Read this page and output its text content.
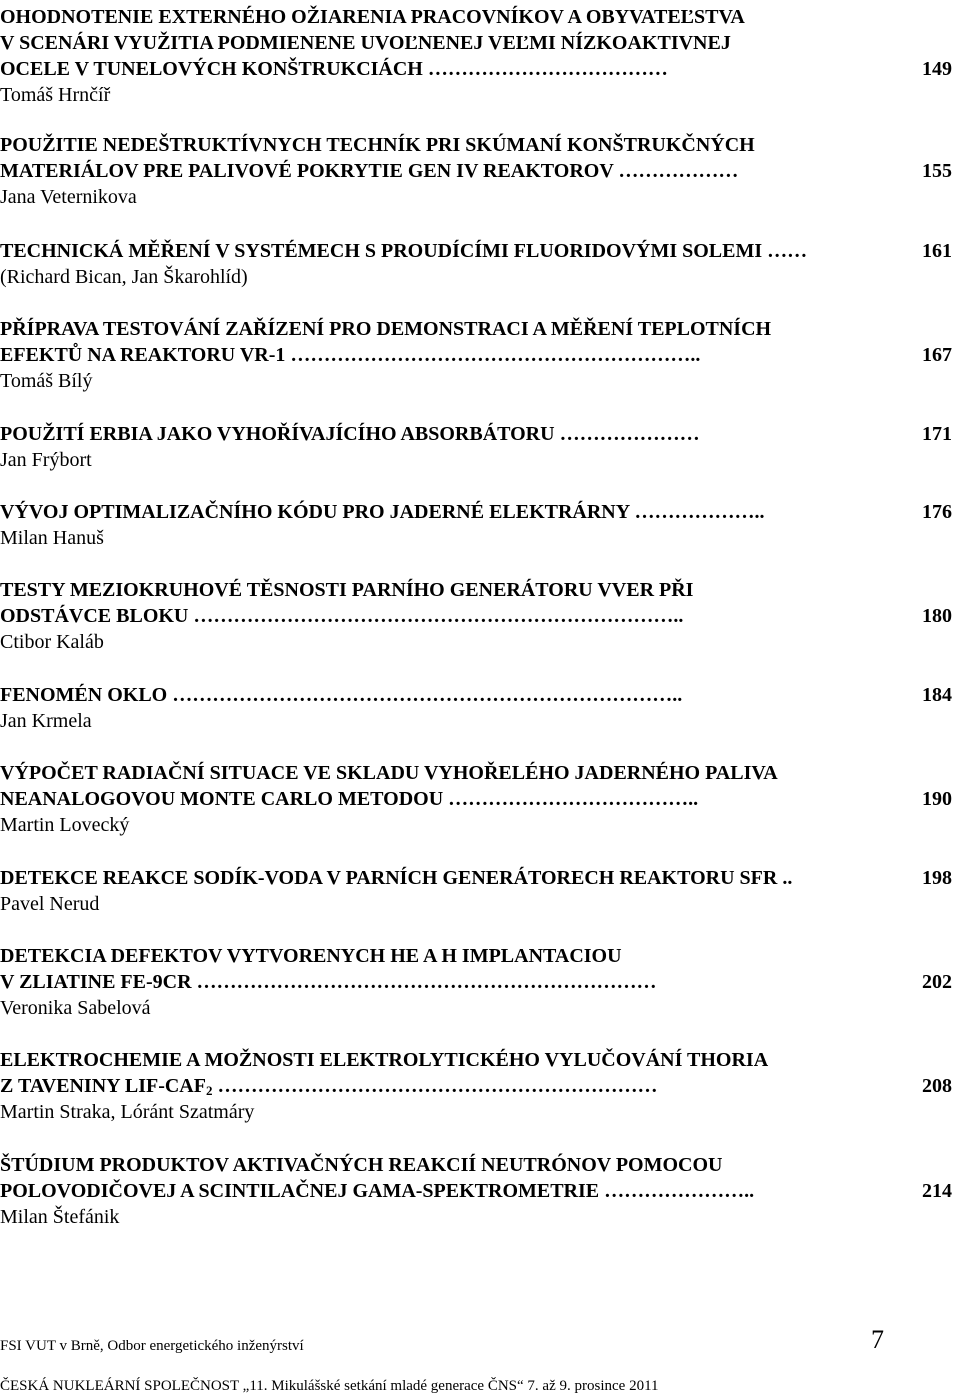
OHODNOTENIE EXTERNÉHO OŽIARENIA PRACOVNÍKOV A OBYVATEĽSTVA

V SCENÁRI VYUŽITIA PODMIENENE UVOĽNENEJ VEĽMI NÍZKOAKTIVNEJ

OCELE V TUNELOVÝCH KONŠTRUKCIÁCH ………………………………	149

Tomáš Hrnčíř

POUŽITIE NEDEŠTRUKTÍVNYCH TECHNÍK PRI SKÚMANÍ KONŠTRUKČNÝCH

MATERIÁLOV PRE PALIVOVÉ POKRYTIE GEN IV REAKTOROV ………………	155

Jana Veternikova

TECHNICKÁ MĚŘENÍ V SYSTÉMECH S PROUDÍCÍMI FLUORIDOVÝMI SOLEMI ……	161

(Richard Bican, Jan Škarohlíd)

PŘÍPRAVA TESTOVÁNÍ ZAŘÍZENÍ PRO DEMONSTRACI A MĚŘENÍ TEPLOTNÍCH

EFEKTŮ NA REAKTORU VR-1 ……………………………………………………..	167

Tomáš Bílý

POUŽITÍ ERBIA JAKO VYHOŘÍVAJÍCÍHO ABSORBÁTORU …………………	171

Jan Frýbort

VÝVOJ OPTIMALIZAČNÍHO KÓDU PRO JADERNÉ ELEKTRÁRNY ………………..	176

Milan Hanuš

TESTY MEZIOKRUHOVÉ TĚSNOSTI PARNÍHO GENERÁTORU VVER PŘI

ODSTÁVCE BLOKU ………………………………………………………………..	180

Ctibor Kaláb

FENOMÉN OKLO …………………………………………………………………..	184

Jan Krmela

VÝPOČET RADIAČNÍ SITUACE VE SKLADU VYHOŘELÉHO JADERNÉHO PALIVA

NEANALOGOVOU MONTE CARLO METODOU ………………………………..	190

Martin Lovecký

DETEKCE REAKCE SODÍK-VODA V PARNÍCH GENERÁTORECH REAKTORU SFR ..	198

Pavel Nerud

DETEKCIA DEFEKTOV VYTVORENYCH HE A H IMPLANTACIOU

V ZLIATINE FE-9CR ……………………………………………………………	202

Veronika Sabelová

ELEKTROCHEMIE A MOŽNOSTI ELEKTROLYTICKÉHO VYLUČOVÁNÍ THORIA

Z TAVENINY LIF-$CAF_2$ …………………………………………………………	208

Martin Straka, Lóránt Szatmáry

ŠTÚDIUM PRODUKTOV AKTIVAČNÝCH REAKCIÍ NEUTRÓNOV POMOCOU

POLOVODIČOVEJ A SCINTILAČNEJ GAMA-SPEKTROMETRIE …………………..	214

Milan Štefánik

FSI VUT v Brně, Odbor energetického inženýrství	7
ČESKÁ NUKLEÁRNÍ SPOLEČNOST „11. Mikulášské setkání mladé generace ČNS“ 7. až 9. prosince 2011
